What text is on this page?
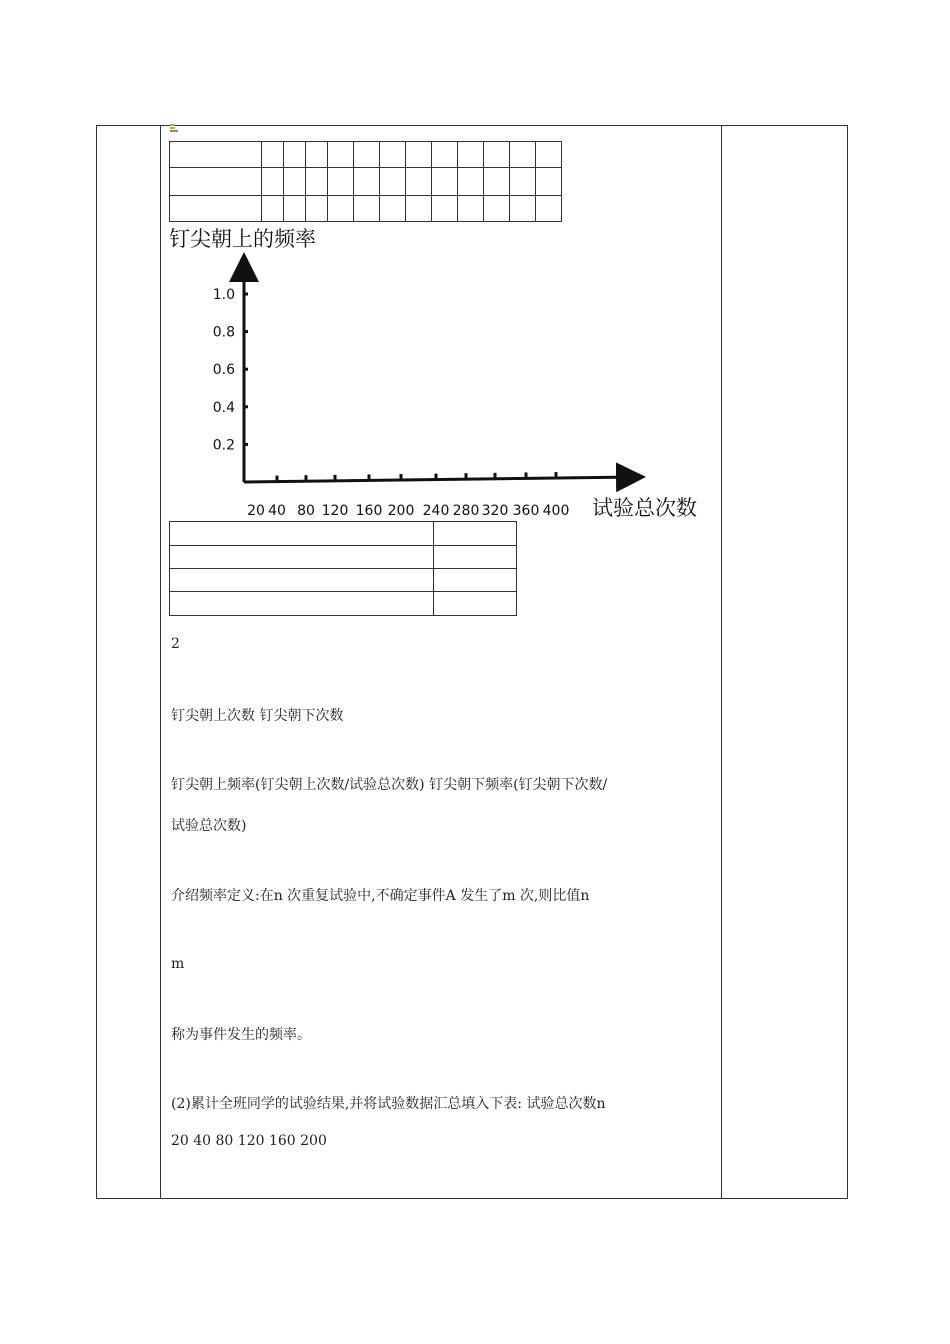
钉尖朝上的频率
0.2
0.4
0.6
0.8
1.0
20 40 80 120 160 200 240 280 320 360 400 试验总次数

2
钉尖朝上次数 钉尖朝下次数
钉尖朝上频率(钉尖朝上次数/试验总次数) 钉尖朝下频率(钉尖朝下次数/
试验总次数)
介绍频率定义:在n 次重复试验中,不确定事件A 发生了m 次,则比值n
m
称为事件发生的频率。
(2)累计全班同学的试验结果,并将试验数据汇总填入下表: 试验总次数n
20 40 80 120 160 200
